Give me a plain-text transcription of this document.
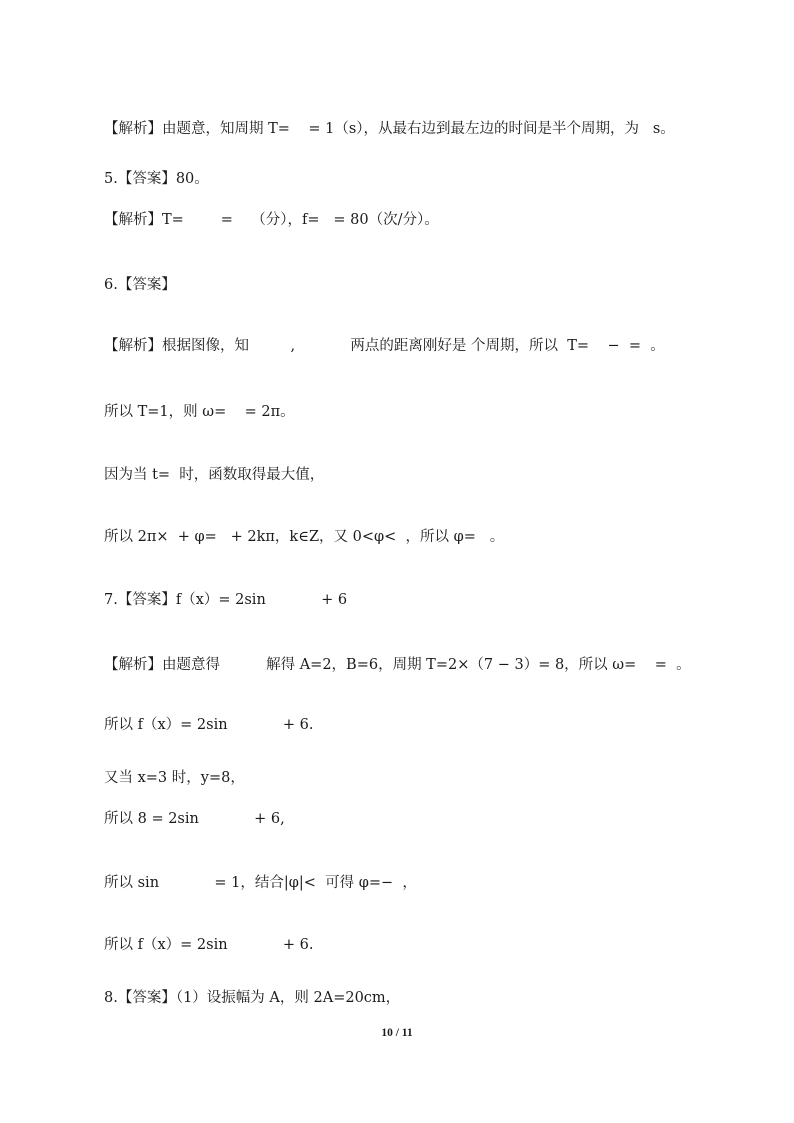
【解析】由题意，知周期 T=    = 1（s），从最右边到最左边的时间是半个周期，为   s。
5.【答案】80。
【解析】T=        =    （分），f=   = 80（次/分）。
6.【答案】
【解析】根据图像，知         ,            两点的距离刚好是 个周期，所以  T=    −  =  。
所以 T=1，则 ω=    = 2π。
因为当 t=  时，函数取得最大值，
所以 2π×  + φ=   + 2kπ，k∈Z，又 0<φ<  ，所以 φ=   。
7.【答案】f（x）= 2sin            + 6
【解析】由题意得          解得 A=2，B=6，周期 T=2×（7 − 3）= 8，所以 ω=    =  。
所以 f（x）= 2sin            + 6.
又当 x=3 时，y=8，
所以 8 = 2sin            + 6,
所以 sin            = 1，结合|φ|<  可得 φ=−  ，
所以 f（x）= 2sin            + 6.
8.【答案】（1）设振幅为 A，则 2A=20cm，
10 / 11
